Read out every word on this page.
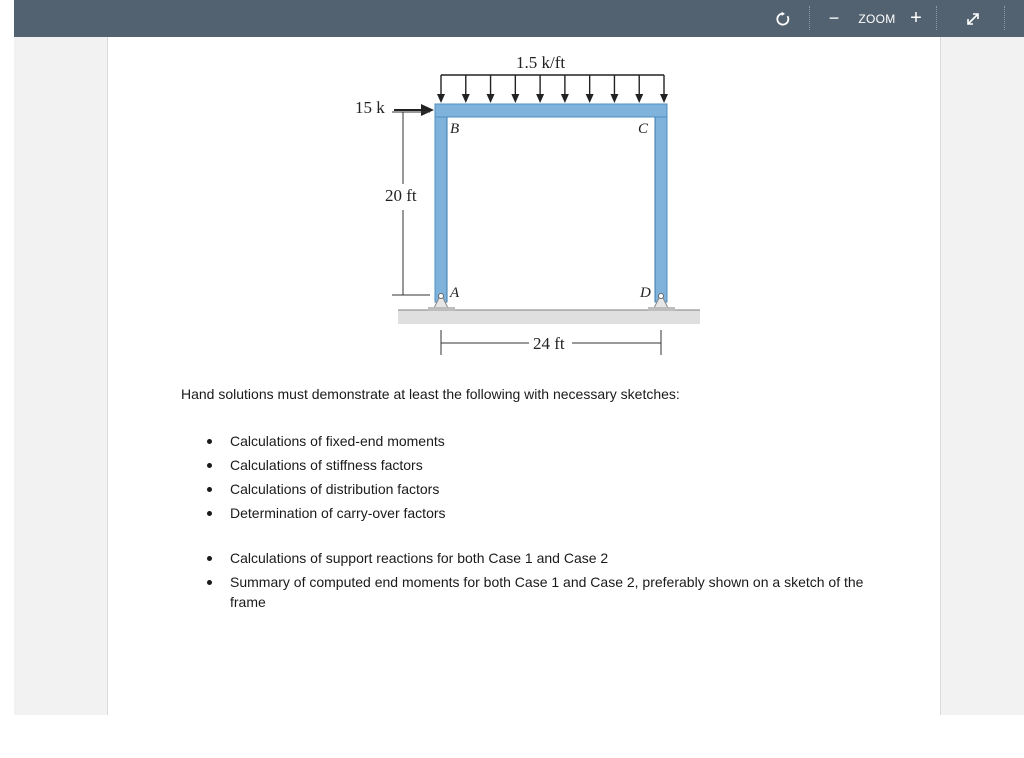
−	ZOOM +
1.5 k/ft
15 k
20 ft
24 ft
B	C
A	D
Hand solutions must demonstrate at least the following with necessary sketches:
Calculations of fixed-end moments
Calculations of stiffness factors
Calculations of distribution factors
Determination of carry-over factors
Calculations of support reactions for both Case 1 and Case 2
Summary of computed end moments for both Case 1 and Case 2, preferably shown on a sketch of the frame
